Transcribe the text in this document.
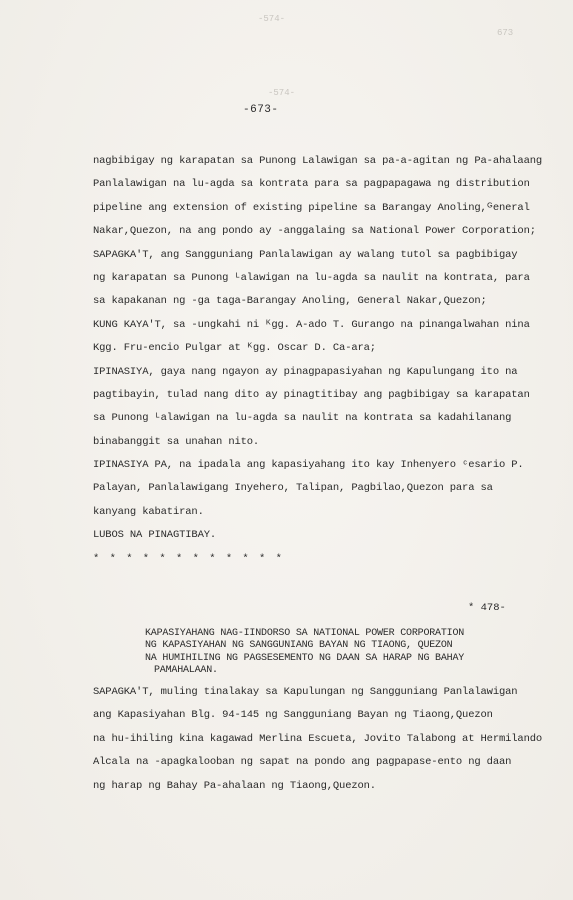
-574-
673
-574-
-673-
nagbibigay ng karapatan sa Punong Lalawigan sa pa-a-agitan ng Pa-ahalaang
Panlalawigan na lu-agda sa kontrata para sa pagpapagawa ng distribution
pipeline ang extension of existing pipeline sa Barangay Anoling,ᴳeneral
Nakar,Quezon, na ang pondo ay -anggalaing sa National Power Corporation;
SAPAGKA'T, ang Sangguniang Panlalawigan ay walang tutol sa pagbibigay
ng karapatan sa Punong ᴸalawigan na lu-agda sa naulit na kontrata, para
sa kapakanan ng -ga taga-Barangay Anoling, General Nakar,Quezon;
KUNG KAYA'T, sa -ungkahi ni ᴷgg. A-ado T. Gurango na pinangalwahan nina
Kgg. Fru-encio Pulgar at ᴷgg. Oscar D. Ca-ara;
IPINASIYA, gaya nang ngayon ay pinagpapasiyahan ng Kapulungang ito na
pagtibayin, tulad nang dito ay pinagtitibay ang pagbibigay sa karapatan
sa Punong ᴸalawigan na lu-agda sa naulit na kontrata sa kadahilanang
binabanggit sa unahan nito.
IPINASIYA PA, na ipadala ang kapasiyahang ito kay Inhenyero ᶜesario P.
Palayan, Panlalawigang Inyehero, Talipan, Pagbilao,Quezon para sa
kanyang kabatiran.
LUBOS NA PINAGTIBAY.
* * * * * * * * * * * *
* 478-
KAPASIYAHANG NAG-IINDORSO SA NATIONAL POWER CORPORATION
NG KAPASIYAHAN NG SANGGUNIANG BAYAN NG TIAONG, QUEZON
NA HUMIHILING NG PAGSESEMENTO NG DAAN SA HARAP NG BAHAY
PAMAHALAAN.
SAPAGKA'T, muling tinalakay sa Kapulungan ng Sangguniang Panlalawigan
ang Kapasiyahan Blg. 94-145 ng Sangguniang Bayan ng Tiaong,Quezon
na hu-ihiling kina kagawad Merlina Escueta, Jovito Talabong at Hermilando
Alcala na -apagkalooban ng sapat na pondo ang pagpapase-ento ng daan
ng harap ng Bahay Pa-ahalaan ng Tiaong,Quezon.
